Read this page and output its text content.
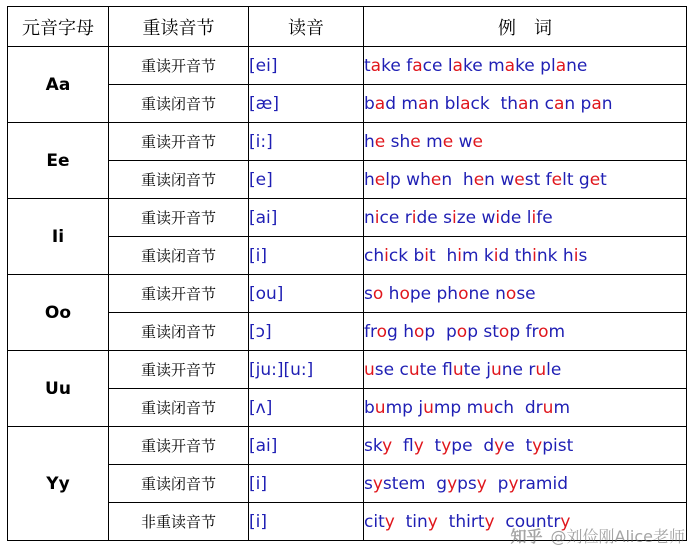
元音字母	重读音节	读音	例　词
Aa	重读开音节	[ei]	take face lake make plane
	重读闭音节	[æ]	bad man black  than can pan
Ee	重读开音节	[i:]	he she me we
	重读闭音节	[e]	help when  hen west felt get
Ii	重读开音节	[ai]	nice ride size wide life
	重读闭音节	[i]	chick bit  him kid think his
Oo	重读开音节	[ou]	so hope phone nose
	重读闭音节	[ɔ]	frog hop  pop stop from
Uu	重读开音节	[ju:][u:]	use cute flute june rule
	重读闭音节	[ʌ]	bump jump much  drum
Yy	重读开音节	[ai]	sky  fly  type  dye  typist
	重读闭音节	[i]	system  gypsy  pyramid
	非重读音节	[i]	city  tiny  thirty  country
知乎 @刘俭刚Alice老师
